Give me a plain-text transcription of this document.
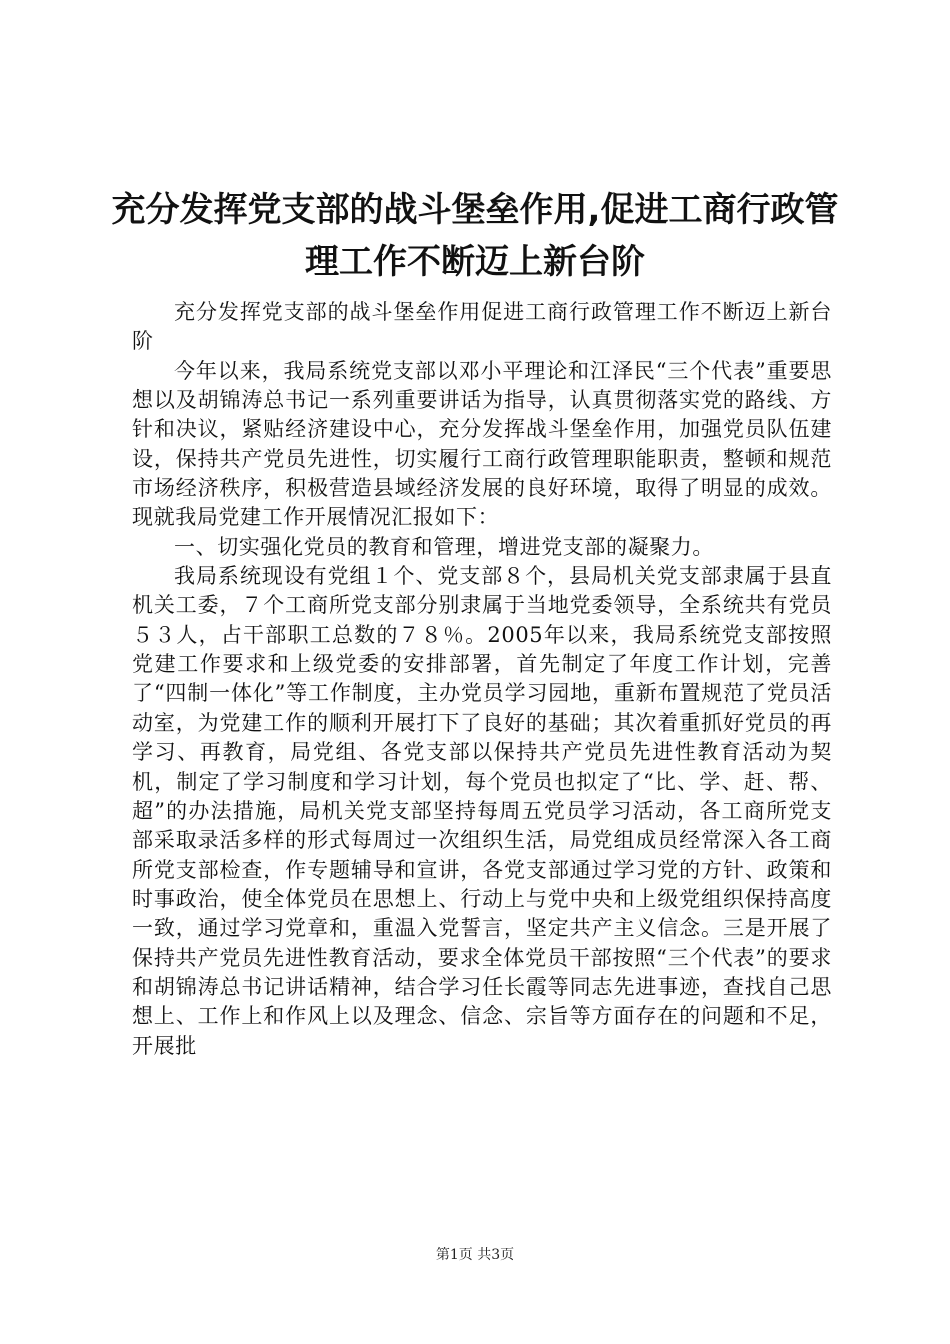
充分发挥党支部的战斗堡垒作用,促进工商行政管理工作不断迈上新台阶

充分发挥党支部的战斗堡垒作用促进工商行政管理工作不断迈上新台阶

今年以来，我局系统党支部以邓小平理论和江泽民“三个代表”重要思想以及胡锦涛总书记一系列重要讲话为指导，认真贯彻落实党的路线、方针和决议，紧贴经济建设中心，充分发挥战斗堡垒作用，加强党员队伍建设，保持共产党员先进性，切实履行工商行政管理职能职责，整顿和规范市场经济秩序，积极营造县域经济发展的良好环境，取得了明显的成效。现就我局党建工作开展情况汇报如下：

一、切实强化党员的教育和管理，增进党支部的凝聚力。

我局系统现设有党组１个、党支部８个，县局机关党支部隶属于县直机关工委，７个工商所党支部分别隶属于当地党委领导，全系统共有党员５３人，占干部职工总数的７８％。2005年以来，我局系统党支部按照党建工作要求和上级党委的安排部署，首先制定了年度工作计划，完善了“四制一体化”等工作制度，主办党员学习园地，重新布置规范了党员活动室，为党建工作的顺利开展打下了良好的基础；其次着重抓好党员的再学习、再教育，局党组、各党支部以保持共产党员先进性教育活动为契机，制定了学习制度和学习计划，每个党员也拟定了“比、学、赶、帮、超”的办法措施，局机关党支部坚持每周五党员学习活动，各工商所党支部采取录活多样的形式每周过一次组织生活，局党组成员经常深入各工商所党支部检查，作专题辅导和宣讲，各党支部通过学习党的方针、政策和时事政治，使全体党员在思想上、行动上与党中央和上级党组织保持高度一致，通过学习党章和，重温入党誓言，坚定共产主义信念。三是开展了保持共产党员先进性教育活动，要求全体党员干部按照“三个代表”的要求和胡锦涛总书记讲话精神，结合学习任长霞等同志先进事迹，查找自己思想上、工作上和作风上以及理念、信念、宗旨等方面存在的问题和不足，开展批

第1页 共3页
